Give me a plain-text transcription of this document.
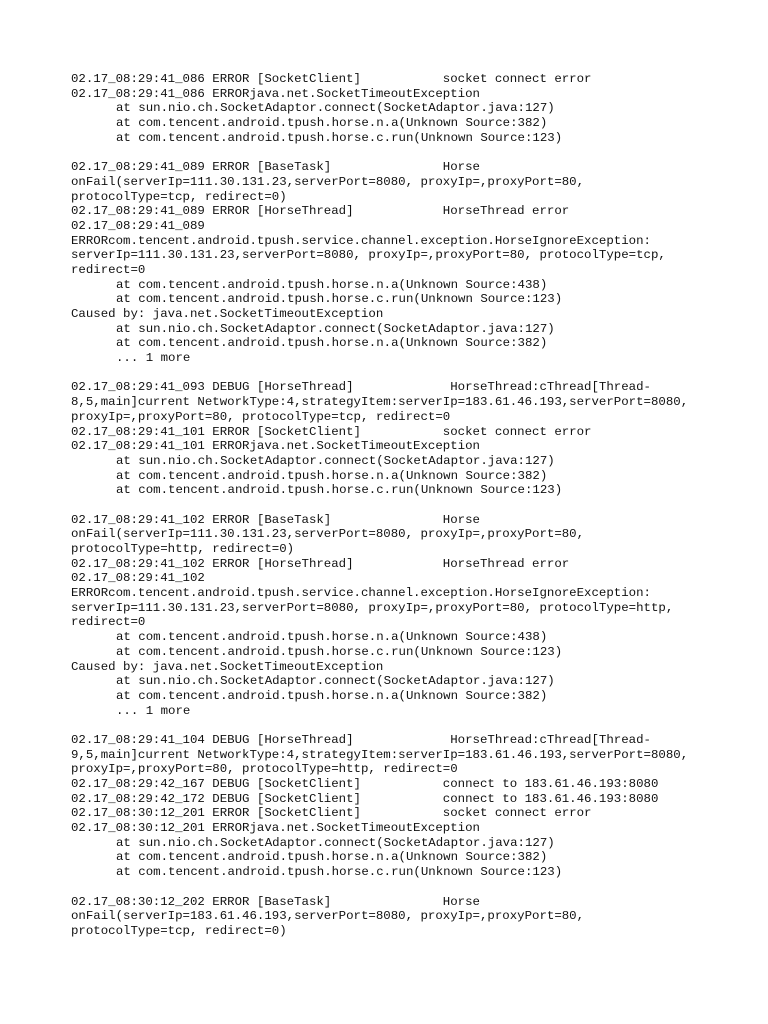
02.17_08:29:41_086 ERROR [SocketClient]           socket connect error
02.17_08:29:41_086 ERRORjava.net.SocketTimeoutException
at sun.nio.ch.SocketAdaptor.connect(SocketAdaptor.java:127)
at com.tencent.android.tpush.horse.n.a(Unknown Source:382)
at com.tencent.android.tpush.horse.c.run(Unknown Source:123)
02.17_08:29:41_089 ERROR [BaseTask]               Horse
onFail(serverIp=111.30.131.23,serverPort=8080, proxyIp=,proxyPort=80,
protocolType=tcp, redirect=0)
02.17_08:29:41_089 ERROR [HorseThread]            HorseThread error
02.17_08:29:41_089
ERRORcom.tencent.android.tpush.service.channel.exception.HorseIgnoreException:
serverIp=111.30.131.23,serverPort=8080, proxyIp=,proxyPort=80, protocolType=tcp,
redirect=0
at com.tencent.android.tpush.horse.n.a(Unknown Source:438)
at com.tencent.android.tpush.horse.c.run(Unknown Source:123)
Caused by: java.net.SocketTimeoutException
at sun.nio.ch.SocketAdaptor.connect(SocketAdaptor.java:127)
at com.tencent.android.tpush.horse.n.a(Unknown Source:382)
... 1 more
02.17_08:29:41_093 DEBUG [HorseThread]             HorseThread:cThread[Thread-
8,5,main]current NetworkType:4,strategyItem:serverIp=183.61.46.193,serverPort=8080,
proxyIp=,proxyPort=80, protocolType=tcp, redirect=0
02.17_08:29:41_101 ERROR [SocketClient]           socket connect error
02.17_08:29:41_101 ERRORjava.net.SocketTimeoutException
at sun.nio.ch.SocketAdaptor.connect(SocketAdaptor.java:127)
at com.tencent.android.tpush.horse.n.a(Unknown Source:382)
at com.tencent.android.tpush.horse.c.run(Unknown Source:123)
02.17_08:29:41_102 ERROR [BaseTask]               Horse
onFail(serverIp=111.30.131.23,serverPort=8080, proxyIp=,proxyPort=80,
protocolType=http, redirect=0)
02.17_08:29:41_102 ERROR [HorseThread]            HorseThread error
02.17_08:29:41_102
ERRORcom.tencent.android.tpush.service.channel.exception.HorseIgnoreException:
serverIp=111.30.131.23,serverPort=8080, proxyIp=,proxyPort=80, protocolType=http,
redirect=0
at com.tencent.android.tpush.horse.n.a(Unknown Source:438)
at com.tencent.android.tpush.horse.c.run(Unknown Source:123)
Caused by: java.net.SocketTimeoutException
at sun.nio.ch.SocketAdaptor.connect(SocketAdaptor.java:127)
at com.tencent.android.tpush.horse.n.a(Unknown Source:382)
... 1 more
02.17_08:29:41_104 DEBUG [HorseThread]             HorseThread:cThread[Thread-
9,5,main]current NetworkType:4,strategyItem:serverIp=183.61.46.193,serverPort=8080,
proxyIp=,proxyPort=80, protocolType=http, redirect=0
02.17_08:29:42_167 DEBUG [SocketClient]           connect to 183.61.46.193:8080
02.17_08:29:42_172 DEBUG [SocketClient]           connect to 183.61.46.193:8080
02.17_08:30:12_201 ERROR [SocketClient]           socket connect error
02.17_08:30:12_201 ERRORjava.net.SocketTimeoutException
at sun.nio.ch.SocketAdaptor.connect(SocketAdaptor.java:127)
at com.tencent.android.tpush.horse.n.a(Unknown Source:382)
at com.tencent.android.tpush.horse.c.run(Unknown Source:123)
02.17_08:30:12_202 ERROR [BaseTask]               Horse
onFail(serverIp=183.61.46.193,serverPort=8080, proxyIp=,proxyPort=80,
protocolType=tcp, redirect=0)
